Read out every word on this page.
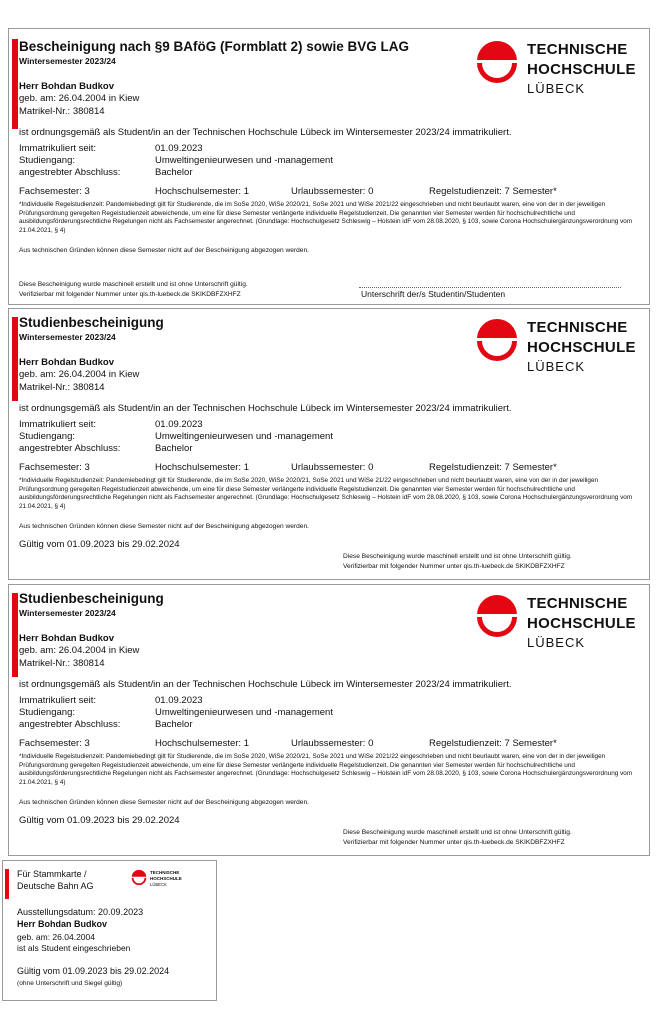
Bescheinigung nach §9 BAföG (Formblatt 2) sowie BVG LAG
Wintersemester 2023/24
Herr Bohdan Budkov
geb. am: 26.04.2004 in Kiew
Matrikel-Nr.: 380814
TECHNISCHE
HOCHSCHULE
LÜBECK
ist ordnungsgemäß als Student/in an der Technischen Hochschule Lübeck im Wintersemester 2023/24 immatrikuliert.
Immatrikuliert seit:	01.09.2023
Studiengang:	Umweltingenieurwesen und -management
angestrebter Abschluss:	Bachelor
Fachsemester: 3	Hochschulsemester: 1	Urlaubssemester: 0	Regelstudienzeit: 7 Semester*
*Individuelle Regelstudienzeit: Pandemiebedingt gilt für Studierende, die im SoSe 2020, WiSe 2020/21, SoSe 2021 und WiSe 2021/22 eingeschrieben und nicht beurlaubt waren, eine von der in der jeweiligen Prüfungsordnung geregelten Regelstudienzeit abweichende, um eine für diese Semester verlängerte individuelle Regelstudienzeit. Die genannten vier Semester werden für hochschulrechtliche und ausbildungsförderungsrechtliche Regelungen nicht als Fachsemester angerechnet. (Grundlage: Hochschulgesetz Schleswig – Holstein idF vom 28.08.2020, § 103, sowie Corona Hochschulergänzungsverordnung vom 21.04.2021, § 4)
Aus technischen Gründen können diese Semester nicht auf der Bescheinigung abgezogen werden.
Diese Bescheinigung wurde maschinell erstellt und ist ohne Unterschrift gültig.
Verifizierbar mit folgender Nummer unter qis.th-luebeck.de SKIKDBFZXHFZ	Unterschrift der/s Studentin/Studenten
Studienbescheinigung
Wintersemester 2023/24
Herr Bohdan Budkov
geb. am: 26.04.2004 in Kiew
Matrikel-Nr.: 380814
TECHNISCHE
HOCHSCHULE
LÜBECK
ist ordnungsgemäß als Student/in an der Technischen Hochschule Lübeck im Wintersemester 2023/24 immatrikuliert.
Immatrikuliert seit:	01.09.2023
Studiengang:	Umweltingenieurwesen und -management
angestrebter Abschluss:	Bachelor
Fachsemester: 3	Hochschulsemester: 1	Urlaubssemester: 0	Regelstudienzeit: 7 Semester*
*Individuelle Regelstudienzeit: Pandemiebedingt gilt für Studierende, die im SoSe 2020, WiSe 2020/21, SoSe 2021 und WiSe 21/22 eingeschrieben und nicht beurlaubt waren, eine von der in der jeweiligen Prüfungsordnung geregelten Regelstudienzeit abweichende, um eine für diese Semester verlängerte individuelle Regelstudienzeit. Die genannten vier Semester werden für hochschulrechtliche und ausbildungsförderungsrechtliche Regelungen nicht als Fachsemester angerechnet. (Grundlage: Hochschulgesetz Schleswig – Holstein idF vom 28.08.2020, § 103, sowie Corona Hochschulergänzungsverordnung vom 21.04.2021, § 4)
Aus technischen Gründen können diese Semester nicht auf der Bescheinigung abgezogen werden.
Gültig vom 01.09.2023 bis 29.02.2024
Diese Bescheinigung wurde maschinell erstellt und ist ohne Unterschrift gültig.
Verifizierbar mit folgender Nummer unter qis.th-luebeck.de SKIKDBFZXHFZ
Studienbescheinigung
Wintersemester 2023/24
Herr Bohdan Budkov
geb. am: 26.04.2004 in Kiew
Matrikel-Nr.: 380814
TECHNISCHE
HOCHSCHULE
LÜBECK
ist ordnungsgemäß als Student/in an der Technischen Hochschule Lübeck im Wintersemester 2023/24 immatrikuliert.
Immatrikuliert seit:	01.09.2023
Studiengang:	Umweltingenieurwesen und -management
angestrebter Abschluss:	Bachelor
Fachsemester: 3	Hochschulsemester: 1	Urlaubssemester: 0	Regelstudienzeit: 7 Semester*
*Individuelle Regelstudienzeit: Pandemiebedingt gilt für Studierende, die im SoSe 2020, WiSe 2020/21, SoSe 2021 und WiSe 2021/22 eingeschrieben und nicht beurlaubt waren, eine von der in der jeweiligen Prüfungsordnung geregelten Regelstudienzeit abweichende, um eine für diese Semester verlängerte individuelle Regelstudienzeit. Die genannten vier Semester werden für hochschulrechtliche und ausbildungsförderungsrechtliche Regelungen nicht als Fachsemester angerechnet. (Grundlage: Hochschulgesetz Schleswig – Holstein idF vom 28.08.2020, § 103, sowie Corona Hochschulergänzungsverordnung vom 21.04.2021, § 4)
Aus technischen Gründen können diese Semester nicht auf der Bescheinigung abgezogen werden.
Gültig vom 01.09.2023 bis 29.02.2024
Diese Bescheinigung wurde maschinell erstellt und ist ohne Unterschrift gültig.
Verifizierbar mit folgender Nummer unter qis.th-luebeck.de SKIKDBFZXHFZ
Für Stammkarte /
Deutsche Bahn AG
TECHNISCHE
HOCHSCHULE
LÜBECK
Ausstellungsdatum: 20.09.2023
Herr Bohdan Budkov
geb. am: 26.04.2004
ist als Student eingeschrieben
Gültig vom 01.09.2023 bis 29.02.2024
(ohne Unterschrift und Siegel gültig)
